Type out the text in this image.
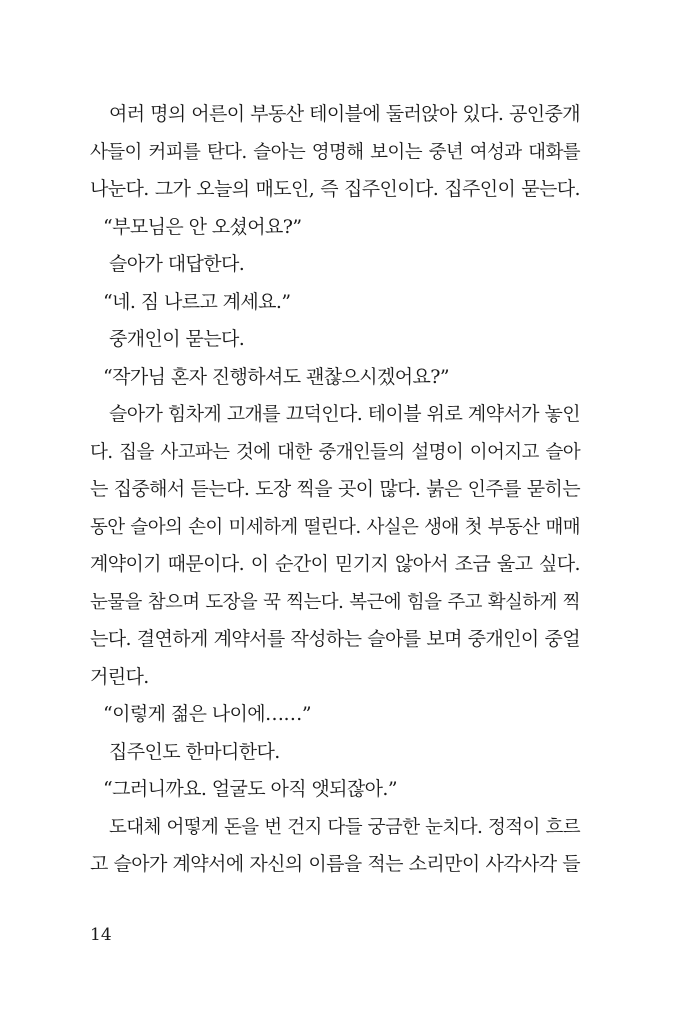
여러 명의 어른이 부동산 테이블에 둘러앉아 있다. 공인중개
사들이 커피를 탄다. 슬아는 영명해 보이는 중년 여성과 대화를
나눈다. 그가 오늘의 매도인, 즉 집주인이다. 집주인이 묻는다.
“부모님은 안 오셨어요?”
슬아가 대답한다.
“네. 짐 나르고 계세요.”
중개인이 묻는다.
“작가님 혼자 진행하셔도 괜찮으시겠어요?”
슬아가 힘차게 고개를 끄덕인다. 테이블 위로 계약서가 놓인
다. 집을 사고파는 것에 대한 중개인들의 설명이 이어지고 슬아
는 집중해서 듣는다. 도장 찍을 곳이 많다. 붉은 인주를 묻히는
동안 슬아의 손이 미세하게 떨린다. 사실은 생애 첫 부동산 매매
계약이기 때문이다. 이 순간이 믿기지 않아서 조금 울고 싶다.
눈물을 참으며 도장을 꾹 찍는다. 복근에 힘을 주고 확실하게 찍
는다. 결연하게 계약서를 작성하는 슬아를 보며 중개인이 중얼
거린다.
“이렇게 젊은 나이에……”
집주인도 한마디한다.
“그러니까요. 얼굴도 아직 앳되잖아.”
도대체 어떻게 돈을 번 건지 다들 궁금한 눈치다. 정적이 흐르
고 슬아가 계약서에 자신의 이름을 적는 소리만이 사각사각 들
14
